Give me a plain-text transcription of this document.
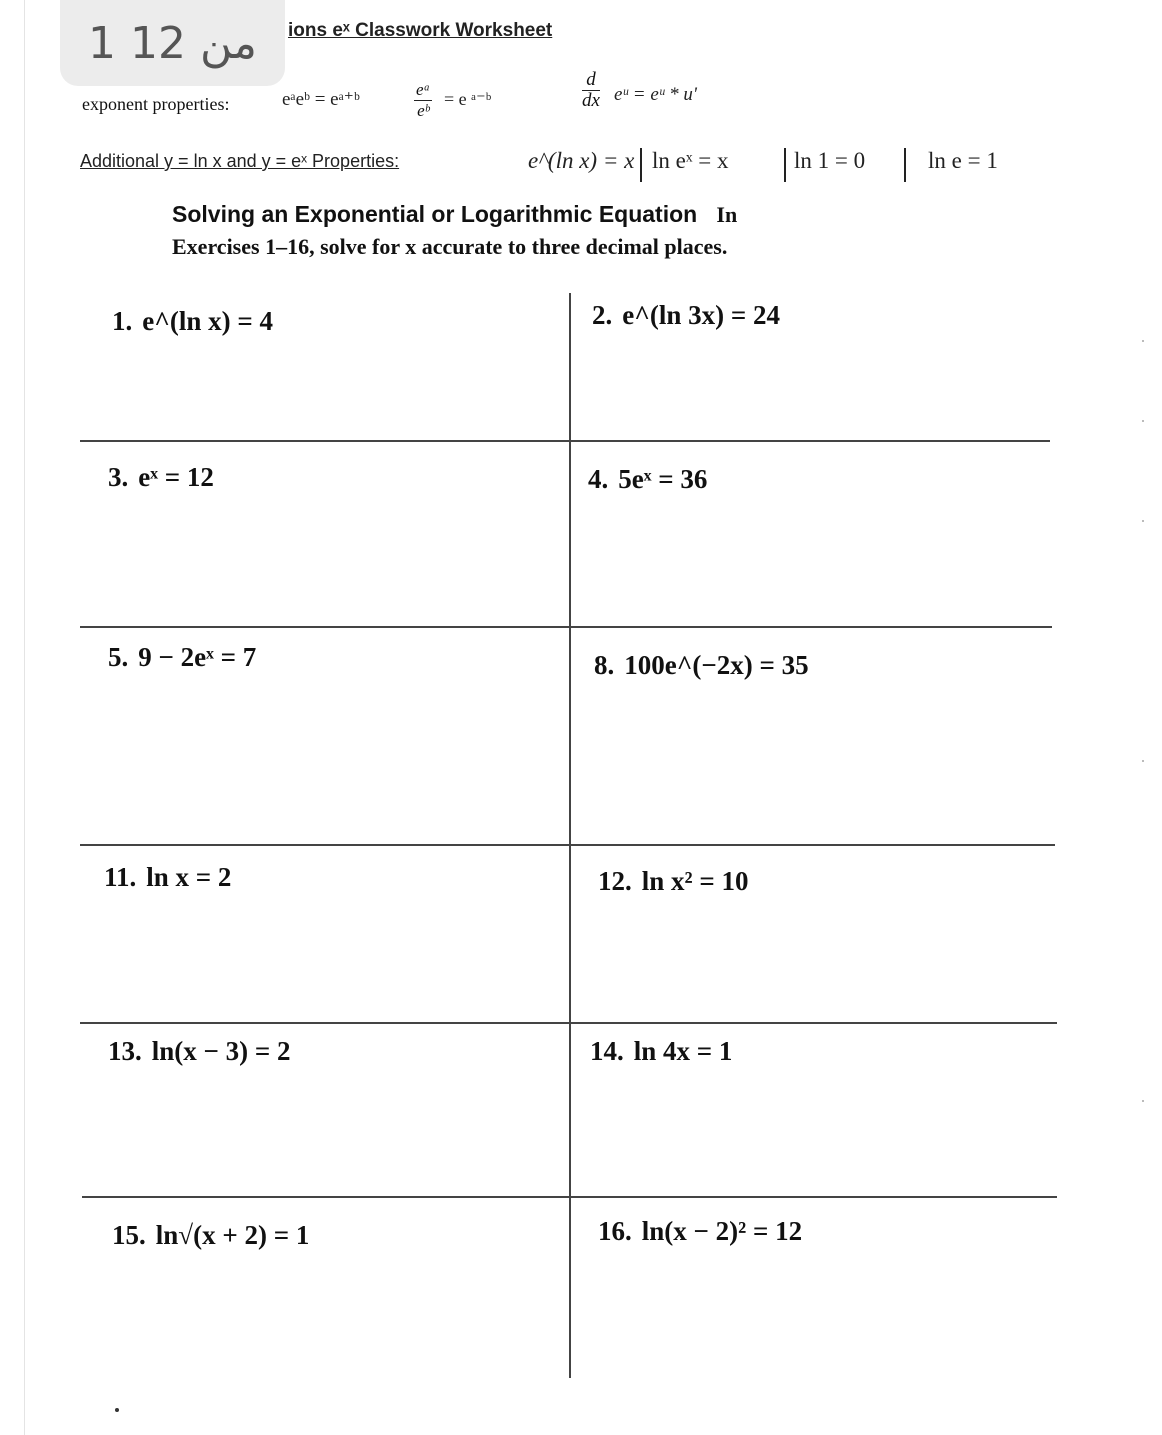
1 من 12 ions eˣ Classwork Worksheet
exponent properties:	eᵃeᵇ = eᵃ⁺ᵇ	$\frac{\text{eᵃ}}{\text{eᵇ}} = e$ ᵃ⁻ᵇ	$\frac{d}{dx}$ eᵘ = eᵘ * u'
Additional y = ln x and y = eˣ Properties:	e^(ln x) = x ln eˣ = x	ln 1 = 0	ln e = 1
Solving an Exponential or Logarithmic Equation In
Exercises 1–16, solve for x accurate to three decimal places.
1. e^(ln x) = 4	2. e^(ln 3x) = 24
3. eˣ = 12	4. 5eˣ = 36
5. 9 − 2eˣ = 7	8. 100e^(−2x) = 35
11. ln x = 2	12. ln x² = 10
13. ln(x − 3) = 2	14. ln 4x = 1
15. ln√(x + 2) = 1	16. ln(x − 2)² = 12
